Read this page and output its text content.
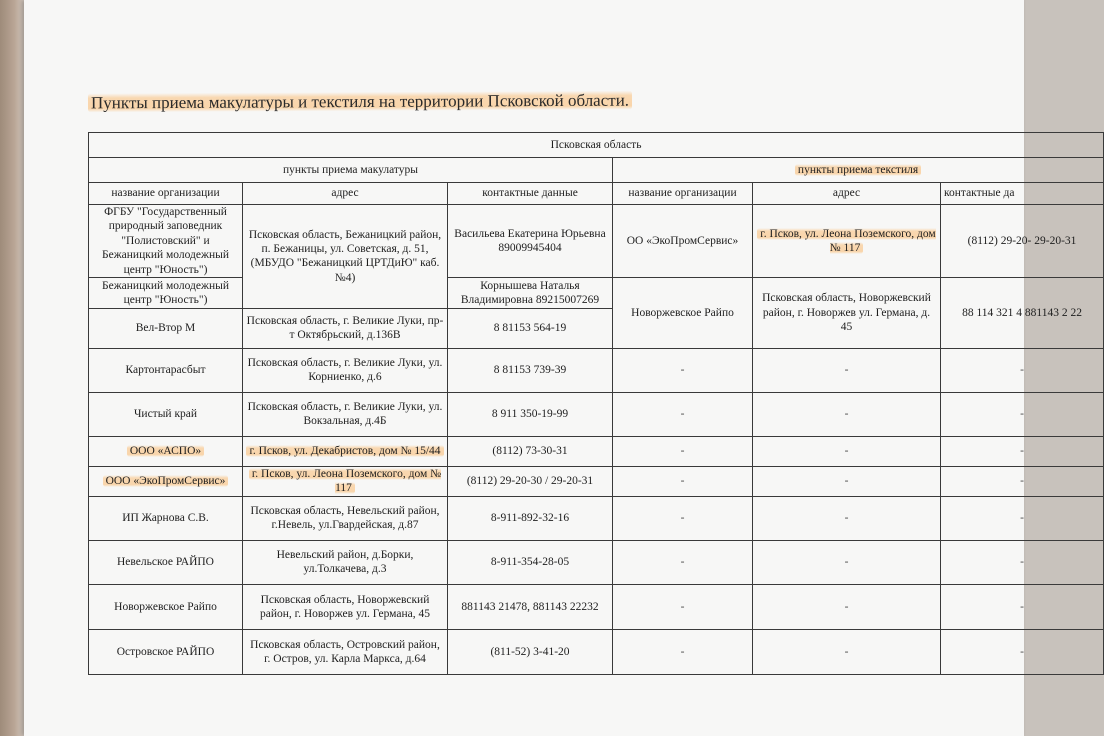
Пункты приема макулатуры и текстиля на территории Псковской области.
Псковская область					
пункты приема макулатуры			пункты приема текстиля		
название организации	адрес	контактные данные	название организации	адрес	контактные да
ФГБУ "Государственный природный заповедник "Полистовский" и Бежаницкий молодежный центр "Юность")	Псковская область, Бежаницкий район, п. Бежаницы, ул. Советская, д. 51, (МБУДО "Бежаницкий ЦРТДиЮ" каб. №4)	Васильева Екатерина Юрьевна 89009945404	ОО «ЭкоПромСервис»	г. Псков, ул. Леона Поземского, дом № 117	(8112) 29-20- 29-20-31
Бежаницкий молодежный центр "Юность")		Корнышева Наталья Владимировна 89215007269	Новоржевское Райпо	Псковская область, Новоржевский район, г. Новоржев ул. Германа, д. 45	88 114 321 4 881143 2 22
Вел-Втор М	Псковская область, г. Великие Луки, пр-т Октябрьский, д.136В	8 81153 564-19			
Картонтарасбыт	Псковская область, г. Великие Луки, ул. Корниенко, д.6	8 81153 739-39	-	-	-
Чистый край	Псковская область, г. Великие Луки, ул. Вокзальная, д.4Б	8 911 350-19-99	-	-	-
ООО «АСПО»	г. Псков, ул. Декабристов, дом № 15/44	(8112) 73-30-31	-	-	-
ООО «ЭкоПромСервис»	г. Псков, ул. Леона Поземского, дом № 117	(8112) 29-20-30 / 29-20-31	-	-	-
ИП Жарнова С.В.	Псковская область, Невельский район, г.Невель, ул.Гвардейская, д.87	8-911-892-32-16	-	-	-
Невельское РАЙПО	Невельский район, д.Борки, ул.Толкачева, д.3	8-911-354-28-05	-	-	-
Новоржевское Райпо	Псковская область, Новоржевский район, г. Новоржев ул. Германа, 45	881143 21478, 881143 22232	-	-	-
Островское РАЙПО	Псковская область, Островский район, г. Остров, ул. Карла Маркса, д.64	(811-52) 3-41-20	-	-	-
